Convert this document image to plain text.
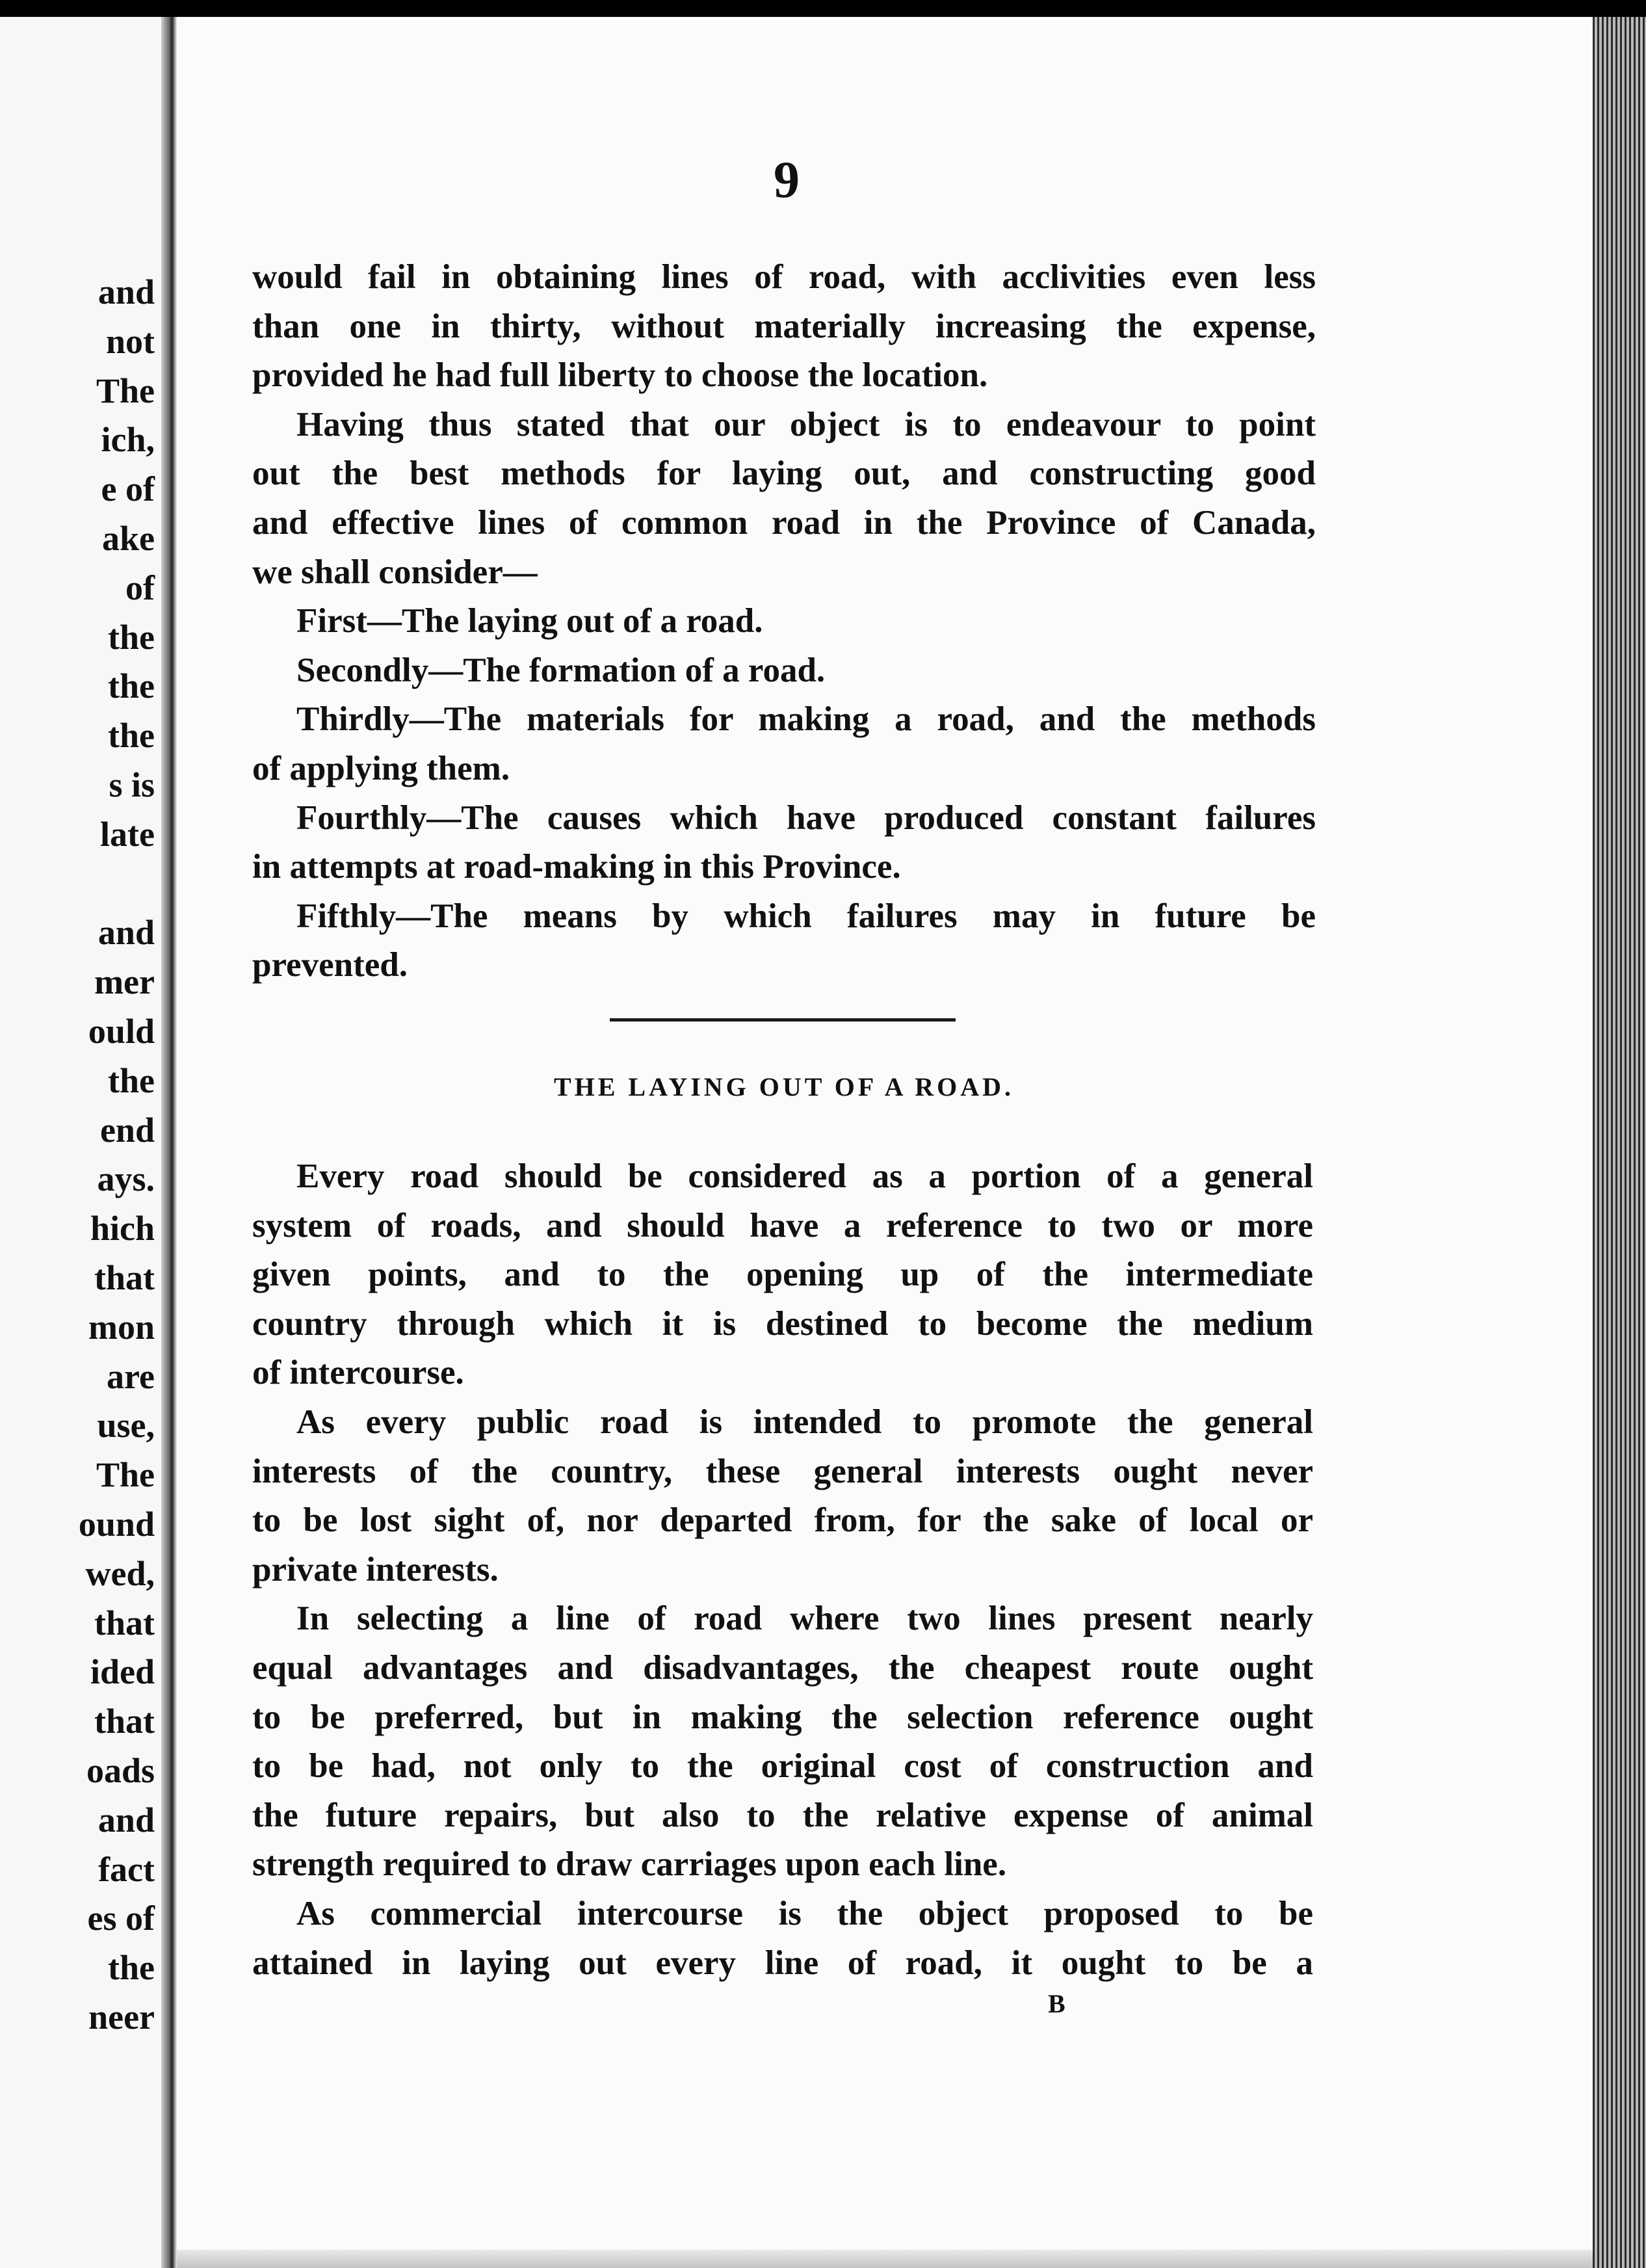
and
not
The
ich,
e of
ake
of
the
the
the
s is
late
and
mer
ould
the
end
ays.
hich
that
mon
are
use,
The
ound
wed,
that
ided
that
oads
and
fact
es of
the
neer
9
would fail in obtaining lines of road, with acclivities even less
than one in thirty, without materially increasing the expense,
provided he had full liberty to choose the location.
Having thus stated that our object is to endeavour to point
out the best methods for laying out, and constructing good
and effective lines of common road in the Province of Canada,
we shall consider—
First—The laying out of a road.
Secondly—The formation of a road.
Thirdly—The materials for making a road, and the methods
of applying them.
Fourthly—The causes which have produced constant failures
in attempts at road-making in this Province.
Fifthly—The means by which failures may in future be
prevented.
THE LAYING OUT OF A ROAD.
Every road should be considered as a portion of a general
system of roads, and should have a reference to two or more
given points, and to the opening up of the intermediate
country through which it is destined to become the medium
of intercourse.
As every public road is intended to promote the general
interests of the country, these general interests ought never
to be lost sight of, nor departed from, for the sake of local or
private interests.
In selecting a line of road where two lines present nearly
equal advantages and disadvantages, the cheapest route ought
to be preferred, but in making the selection reference ought
to be had, not only to the original cost of construction and
the future repairs, but also to the relative expense of animal
strength required to draw carriages upon each line.
As commercial intercourse is the object proposed to be
attained in laying out every line of road, it ought to be a
B
